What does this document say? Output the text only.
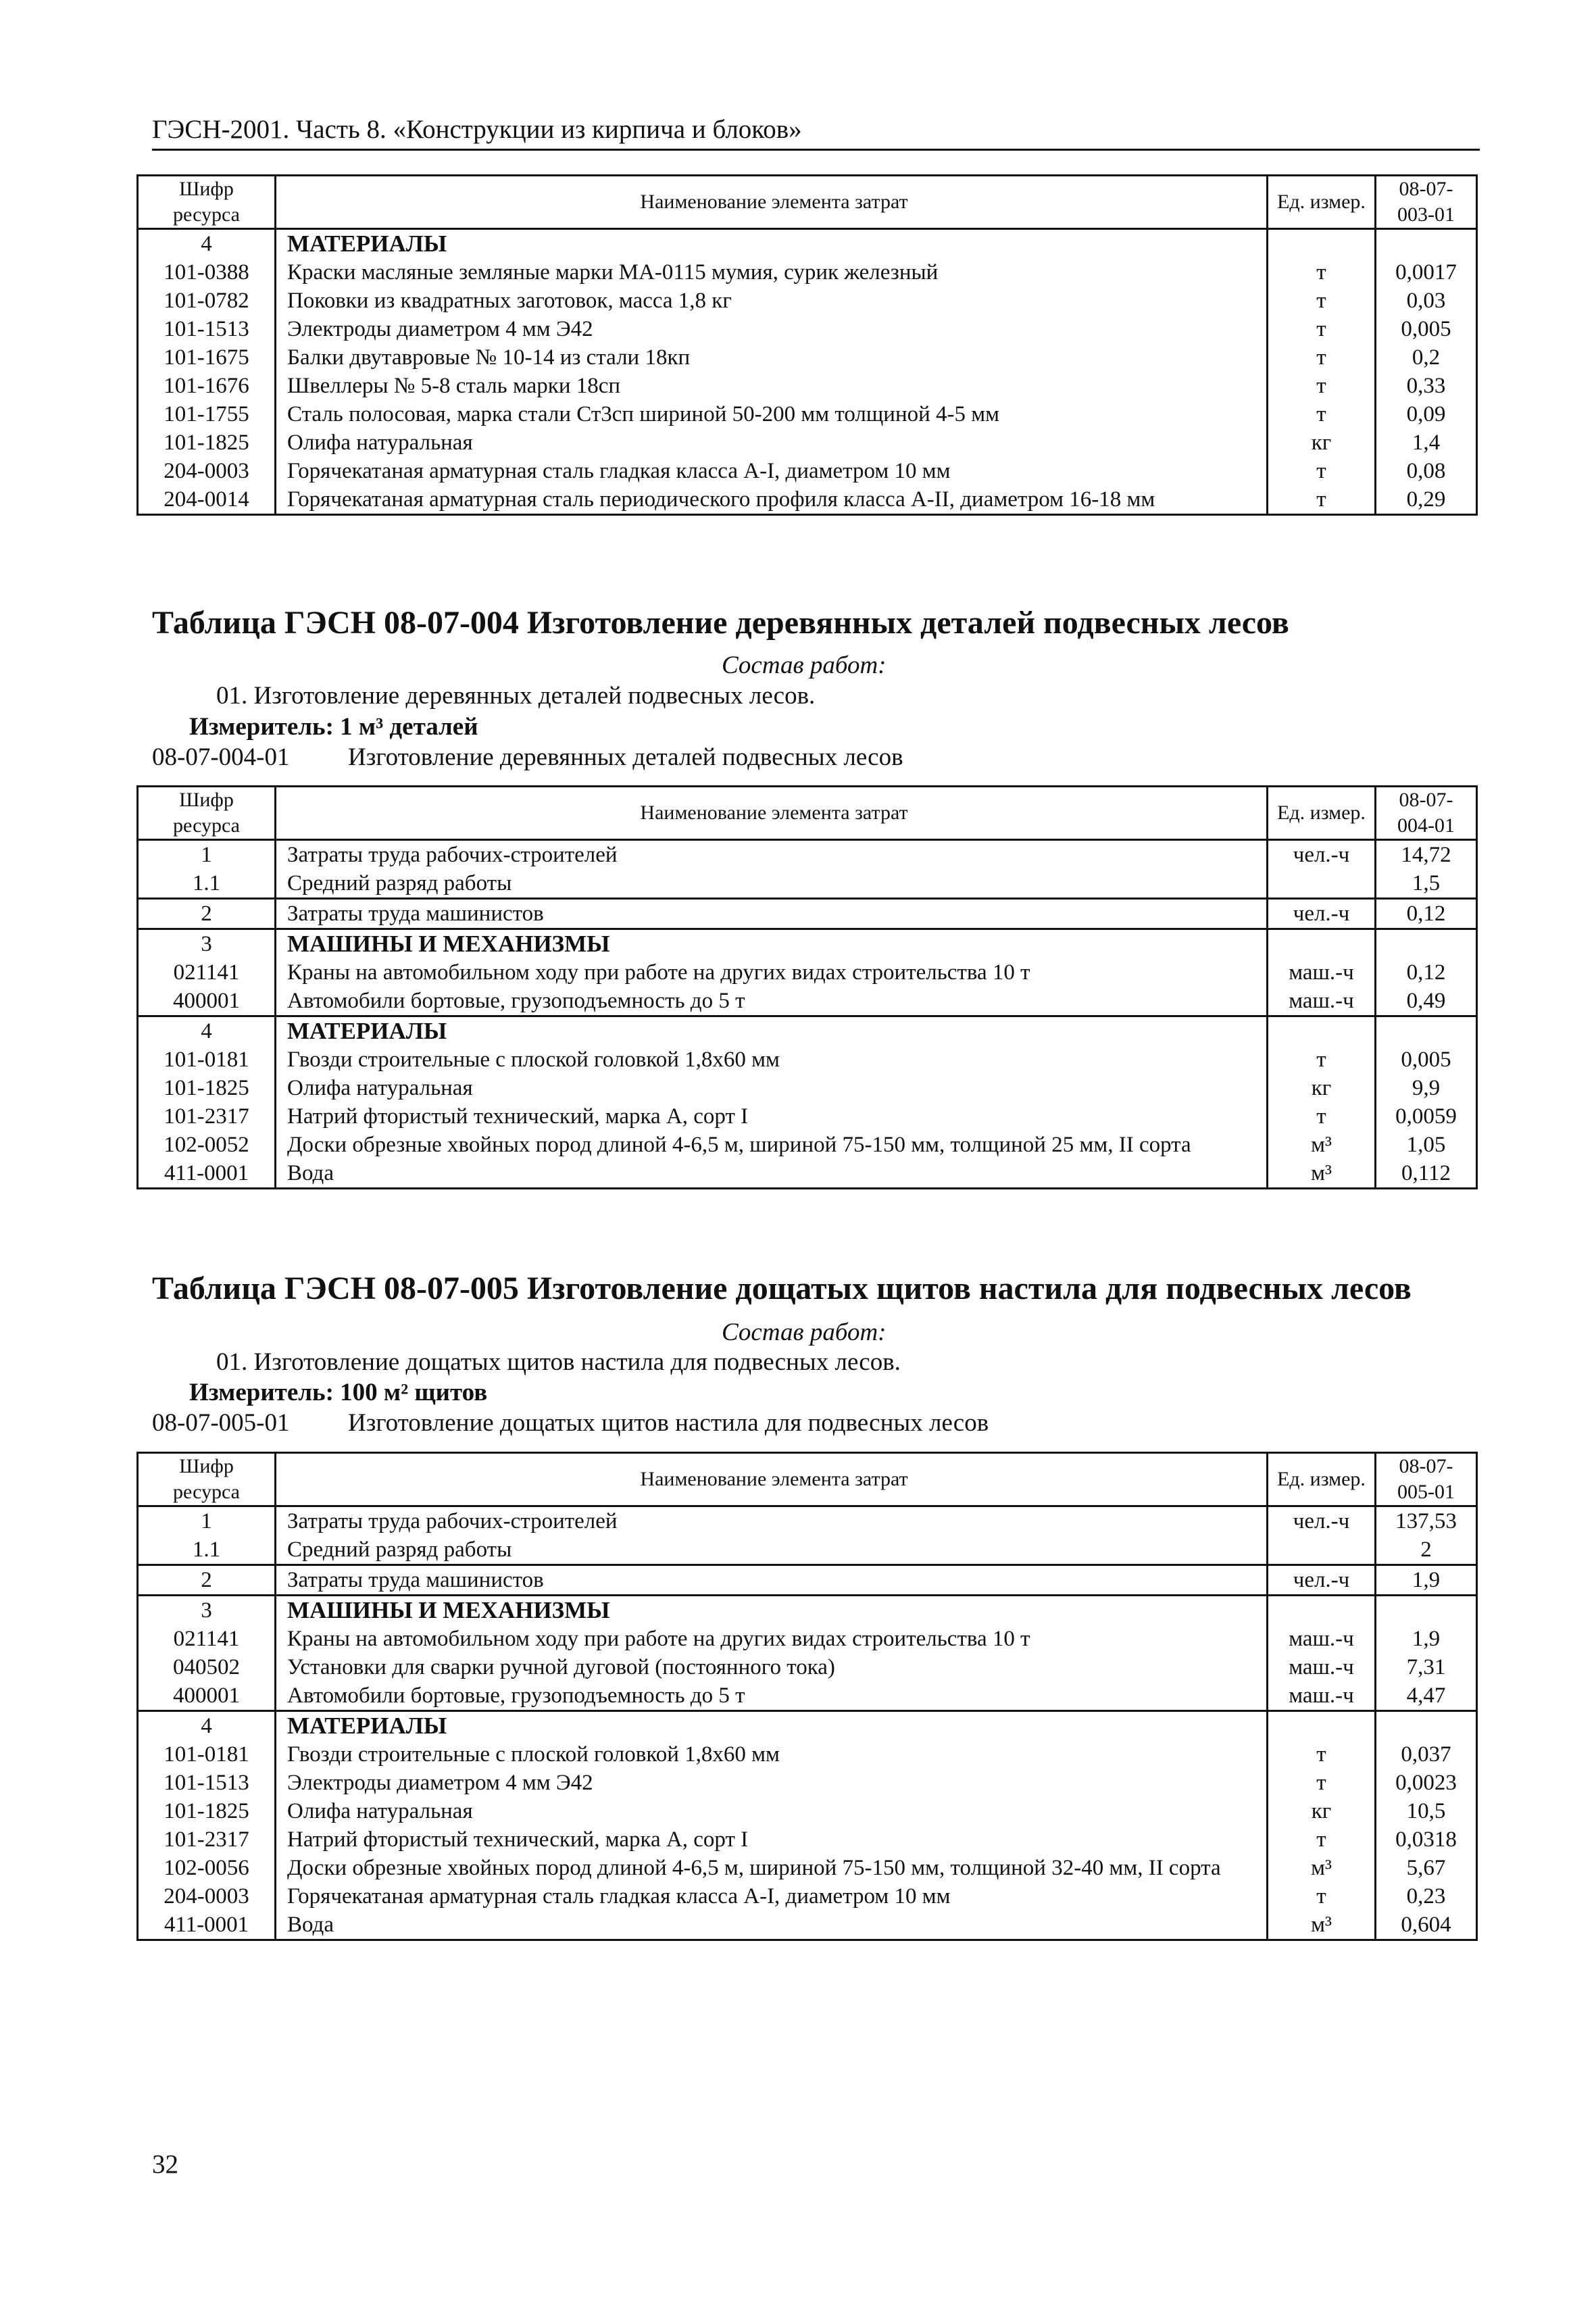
ГЭСН-2001. Часть 8. «Конструкции из кирпича и блоков»
Шифр ресурса	Наименование элемента затрат	Ед. измер.	08-07-003-01
4	МАТЕРИАЛЫ		
101-0388	Краски масляные земляные марки МА-0115 мумия, сурик железный	т	0,0017
101-0782	Поковки из квадратных заготовок, масса 1,8 кг	т	0,03
101-1513	Электроды диаметром 4 мм Э42	т	0,005
101-1675	Балки двутавровые № 10-14 из стали 18кп	т	0,2
101-1676	Швеллеры № 5-8 сталь марки 18сп	т	0,33
101-1755	Сталь полосовая, марка стали Ст3сп шириной 50-200 мм толщиной 4-5 мм	т	0,09
101-1825	Олифа натуральная	кг	1,4
204-0003	Горячекатаная арматурная сталь гладкая класса А-I, диаметром 10 мм	т	0,08
204-0014	Горячекатаная арматурная сталь периодического профиля класса А-II, диаметром 16-18 мм	т	0,29
Таблица ГЭСН 08-07-004 Изготовление деревянных деталей подвесных лесов
Состав работ:
01. Изготовление деревянных деталей подвесных лесов.
Измеритель: 1 м³ деталей
08-07-004-01 Изготовление деревянных деталей подвесных лесов
Шифр ресурса	Наименование элемента затрат	Ед. измер.	08-07-004-01
1	Затраты труда рабочих-строителей	чел.-ч	14,72
1.1	Средний разряд работы		1,5
2	Затраты труда машинистов	чел.-ч	0,12
3	МАШИНЫ И МЕХАНИЗМЫ		
021141	Краны на автомобильном ходу при работе на других видах строительства 10 т	маш.-ч	0,12
400001	Автомобили бортовые, грузоподъемность до 5 т	маш.-ч	0,49
4	МАТЕРИАЛЫ		
101-0181	Гвозди строительные с плоской головкой 1,8x60 мм	т	0,005
101-1825	Олифа натуральная	кг	9,9
101-2317	Натрий фтористый технический, марка А, сорт I	т	0,0059
102-0052	Доски обрезные хвойных пород длиной 4-6,5 м, шириной 75-150 мм, толщиной 25 мм, II сорта	м³	1,05
411-0001	Вода	м³	0,112
Таблица ГЭСН 08-07-005 Изготовление дощатых щитов настила для подвесных лесов
Состав работ:
01. Изготовление дощатых щитов настила для подвесных лесов.
Измеритель: 100 м² щитов
08-07-005-01 Изготовление дощатых щитов настила для подвесных лесов
Шифр ресурса	Наименование элемента затрат	Ед. измер.	08-07-005-01
1	Затраты труда рабочих-строителей	чел.-ч	137,53
1.1	Средний разряд работы		2
2	Затраты труда машинистов	чел.-ч	1,9
3	МАШИНЫ И МЕХАНИЗМЫ		
021141	Краны на автомобильном ходу при работе на других видах строительства 10 т	маш.-ч	1,9
040502	Установки для сварки ручной дуговой (постоянного тока)	маш.-ч	7,31
400001	Автомобили бортовые, грузоподъемность до 5 т	маш.-ч	4,47
4	МАТЕРИАЛЫ		
101-0181	Гвозди строительные с плоской головкой 1,8x60 мм	т	0,037
101-1513	Электроды диаметром 4 мм Э42	т	0,0023
101-1825	Олифа натуральная	кг	10,5
101-2317	Натрий фтористый технический, марка А, сорт I	т	0,0318
102-0056	Доски обрезные хвойных пород длиной 4-6,5 м, шириной 75-150 мм, толщиной 32-40 мм, II сорта	м³	5,67
204-0003	Горячекатаная арматурная сталь гладкая класса А-I, диаметром 10 мм	т	0,23
411-0001	Вода	м³	0,604
32
